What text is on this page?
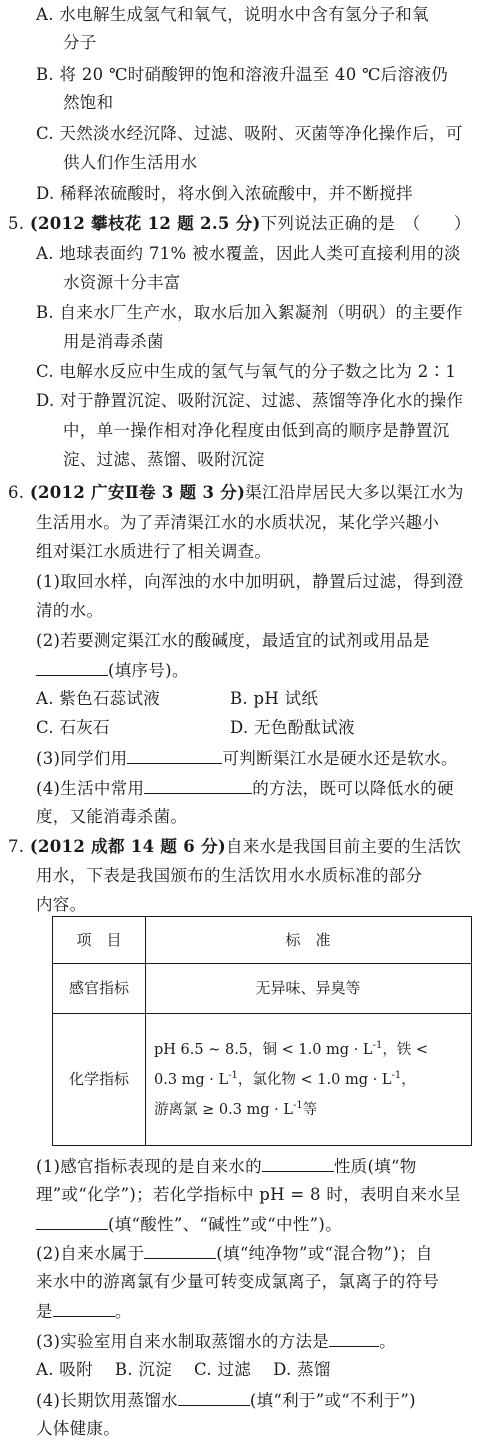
A. 水电解生成氢气和氧气，说明水中含有氢分子和氧
分子
B. 将 20 ℃时硝酸钾的饱和溶液升温至 40 ℃后溶液仍
然饱和
C. 天然淡水经沉降、过滤、吸附、灭菌等净化操作后，可
供人们作生活用水
D. 稀释浓硫酸时，将水倒入浓硫酸中，并不断搅拌
5. (2012 攀枝花 12 题 2.5 分)下列说法正确的是　（　　）
A. 地球表面约 71% 被水覆盖，因此人类可直接利用的淡
水资源十分丰富
B. 自来水厂生产水，取水后加入絮凝剂（明矾）的主要作
用是消毒杀菌
C. 电解水反应中生成的氢气与氧气的分子数之比为 2∶1
D. 对于静置沉淀、吸附沉淀、过滤、蒸馏等净化水的操作
中，单一操作相对净化程度由低到高的顺序是静置沉
淀、过滤、蒸馏、吸附沉淀
6. (2012 广安Ⅱ卷 3 题 3 分)渠江沿岸居民大多以渠江水为
生活用水。为了弄清渠江水的水质状况，某化学兴趣小
组对渠江水质进行了相关调查。
(1)取回水样，向浑浊的水中加明矾，静置后过滤，得到澄
清的水。
(2)若要测定渠江水的酸碱度，最适宜的试剂或用品是
(填序号)。
A. 紫色石蕊试液	B. pH 试纸
C. 石灰石	D. 无色酚酞试液
(3)同学们用	可判断渠江水是硬水还是软水。
(4)生活中常用	的方法，既可以降低水的硬
度，又能消毒杀菌。
7. (2012 成都 14 题 6 分)自来水是我国目前主要的生活饮
用水，下表是我国颁布的生活饮用水水质标准的部分
内容。
项　目	标　准
感官指标	无异味、异臭等
化学指标
pH 6.5 ~ 8.5，铜 < 1.0 mg · $L^{-1}$，铁 <
0.3 mg · $L^{-1}$，氯化物 < 1.0 mg · $L^{-1}$，
游离氯 ≥ 0.3 mg · $L^{-1}$等
(1)感官指标表现的是自来水的	性质(填“物
理”或“化学”)；若化学指标中 pH = 8 时，表明自来水呈
(填“酸性”、“碱性”或“中性”)。
(2)自来水属于	(填“纯净物”或“混合物”)；自
来水中的游离氯有少量可转变成氯离子，氯离子的符号
是	。
(3)实验室用自来水制取蒸馏水的方法是	。
A. 吸附 B. 沉淀 C. 过滤 D. 蒸馏
(4)长期饮用蒸馏水	(填“利于”或“不利于”)
人体健康。
